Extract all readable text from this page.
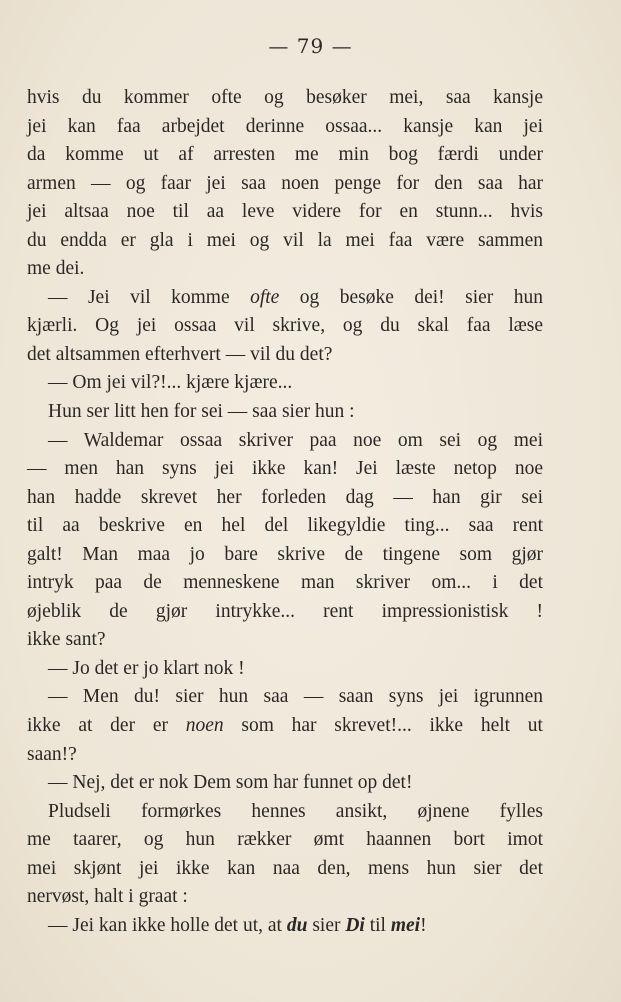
— 79 —
hvis du kommer ofte og besøker mei, saa kansje
jei kan faa arbejdet derinne ossaa... kansje kan jei
da komme ut af arresten me min bog færdi under
armen — og faar jei saa noen penge for den saa har
jei altsaa noe til aa leve videre for en stunn... hvis
du endda er gla i mei og vil la mei faa være sammen
me dei.
— Jei vil komme ofte og besøke dei! sier hun
kjærli. Og jei ossaa vil skrive, og du skal faa læse
det altsammen efterhvert — vil du det?
— Om jei vil?!... kjære kjære...
Hun ser litt hen for sei — saa sier hun :
— Waldemar ossaa skriver paa noe om sei og mei
— men han syns jei ikke kan! Jei læste netop noe
han hadde skrevet her forleden dag — han gir sei
til aa beskrive en hel del likegyldie ting... saa rent
galt! Man maa jo bare skrive de tingene som gjør
intryk paa de menneskene man skriver om... i det
øjeblik de gjør intrykke... rent impressionistisk !
ikke sant?
— Jo det er jo klart nok !
— Men du! sier hun saa — saan syns jei igrunnen
ikke at der er noen som har skrevet!... ikke helt ut
saan!?
— Nej, det er nok Dem som har funnet op det!
Pludseli formørkes hennes ansikt, øjnene fylles
me taarer, og hun rækker ømt haannen bort imot
mei skjønt jei ikke kan naa den, mens hun sier det
nervøst, halt i graat :
— Jei kan ikke holle det ut, at du sier Di til mei!
